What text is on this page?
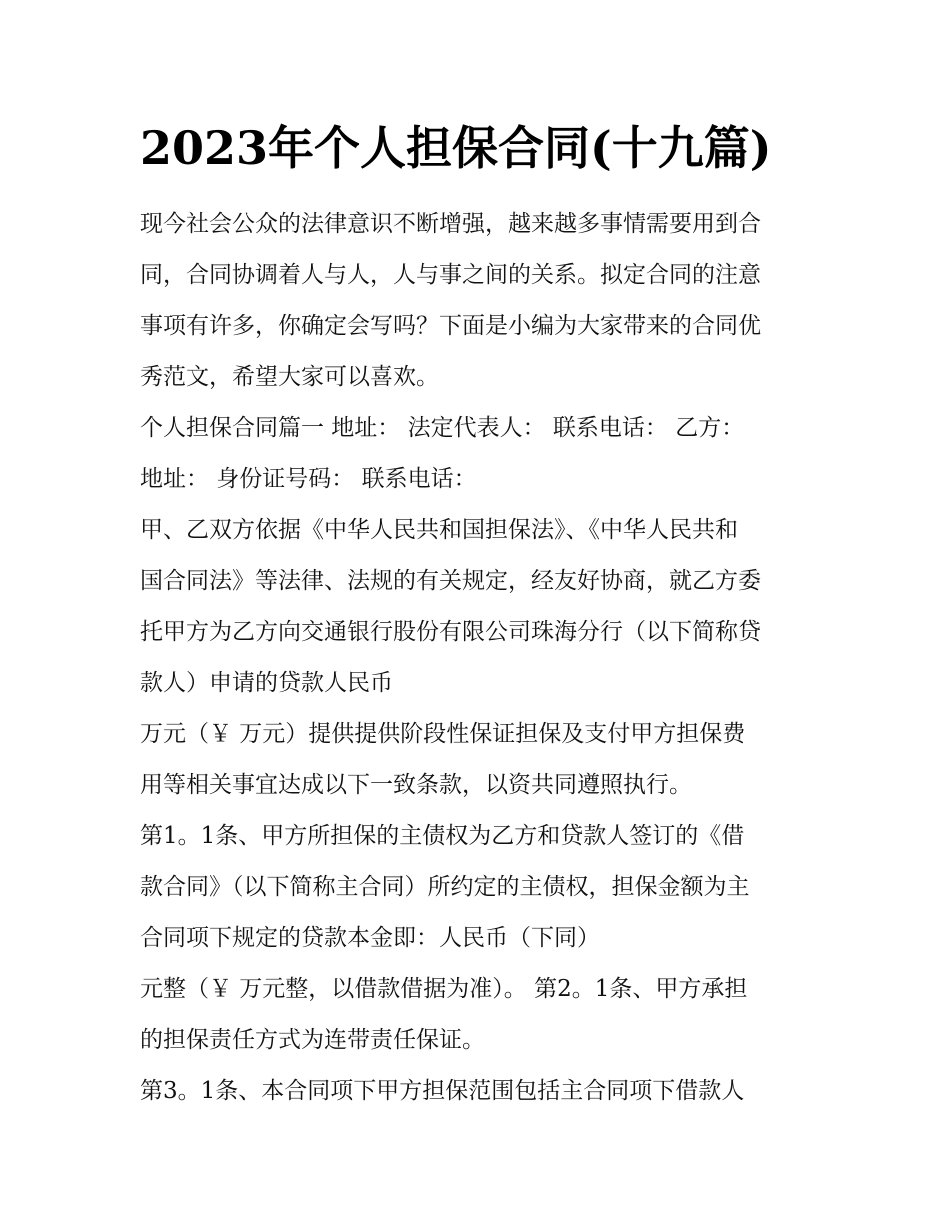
2023年个人担保合同(十九篇)
现今社会公众的法律意识不断增强，越来越多事情需要用到合
同，合同协调着人与人，人与事之间的关系。拟定合同的注意
事项有许多，你确定会写吗？下面是小编为大家带来的合同优
秀范文，希望大家可以喜欢。
个人担保合同篇一 地址： 法定代表人： 联系电话： 乙方：
地址： 身份证号码： 联系电话：
甲、乙双方依据《中华人民共和国担保法》、《中华人民共和
国合同法》等法律、法规的有关规定，经友好协商，就乙方委
托甲方为乙方向交通银行股份有限公司珠海分行（以下简称贷
款人）申请的贷款人民币
万元（￥ 万元）提供提供阶段性保证担保及支付甲方担保费
用等相关事宜达成以下一致条款，以资共同遵照执行。
第1。1条、甲方所担保的主债权为乙方和贷款人签订的《借
款合同》（以下简称主合同）所约定的主债权，担保金额为主
合同项下规定的贷款本金即：人民币（下同）
元整（￥ 万元整，以借款借据为准）。 第2。1条、甲方承担
的担保责任方式为连带责任保证。
第3。1条、本合同项下甲方担保范围包括主合同项下借款人
